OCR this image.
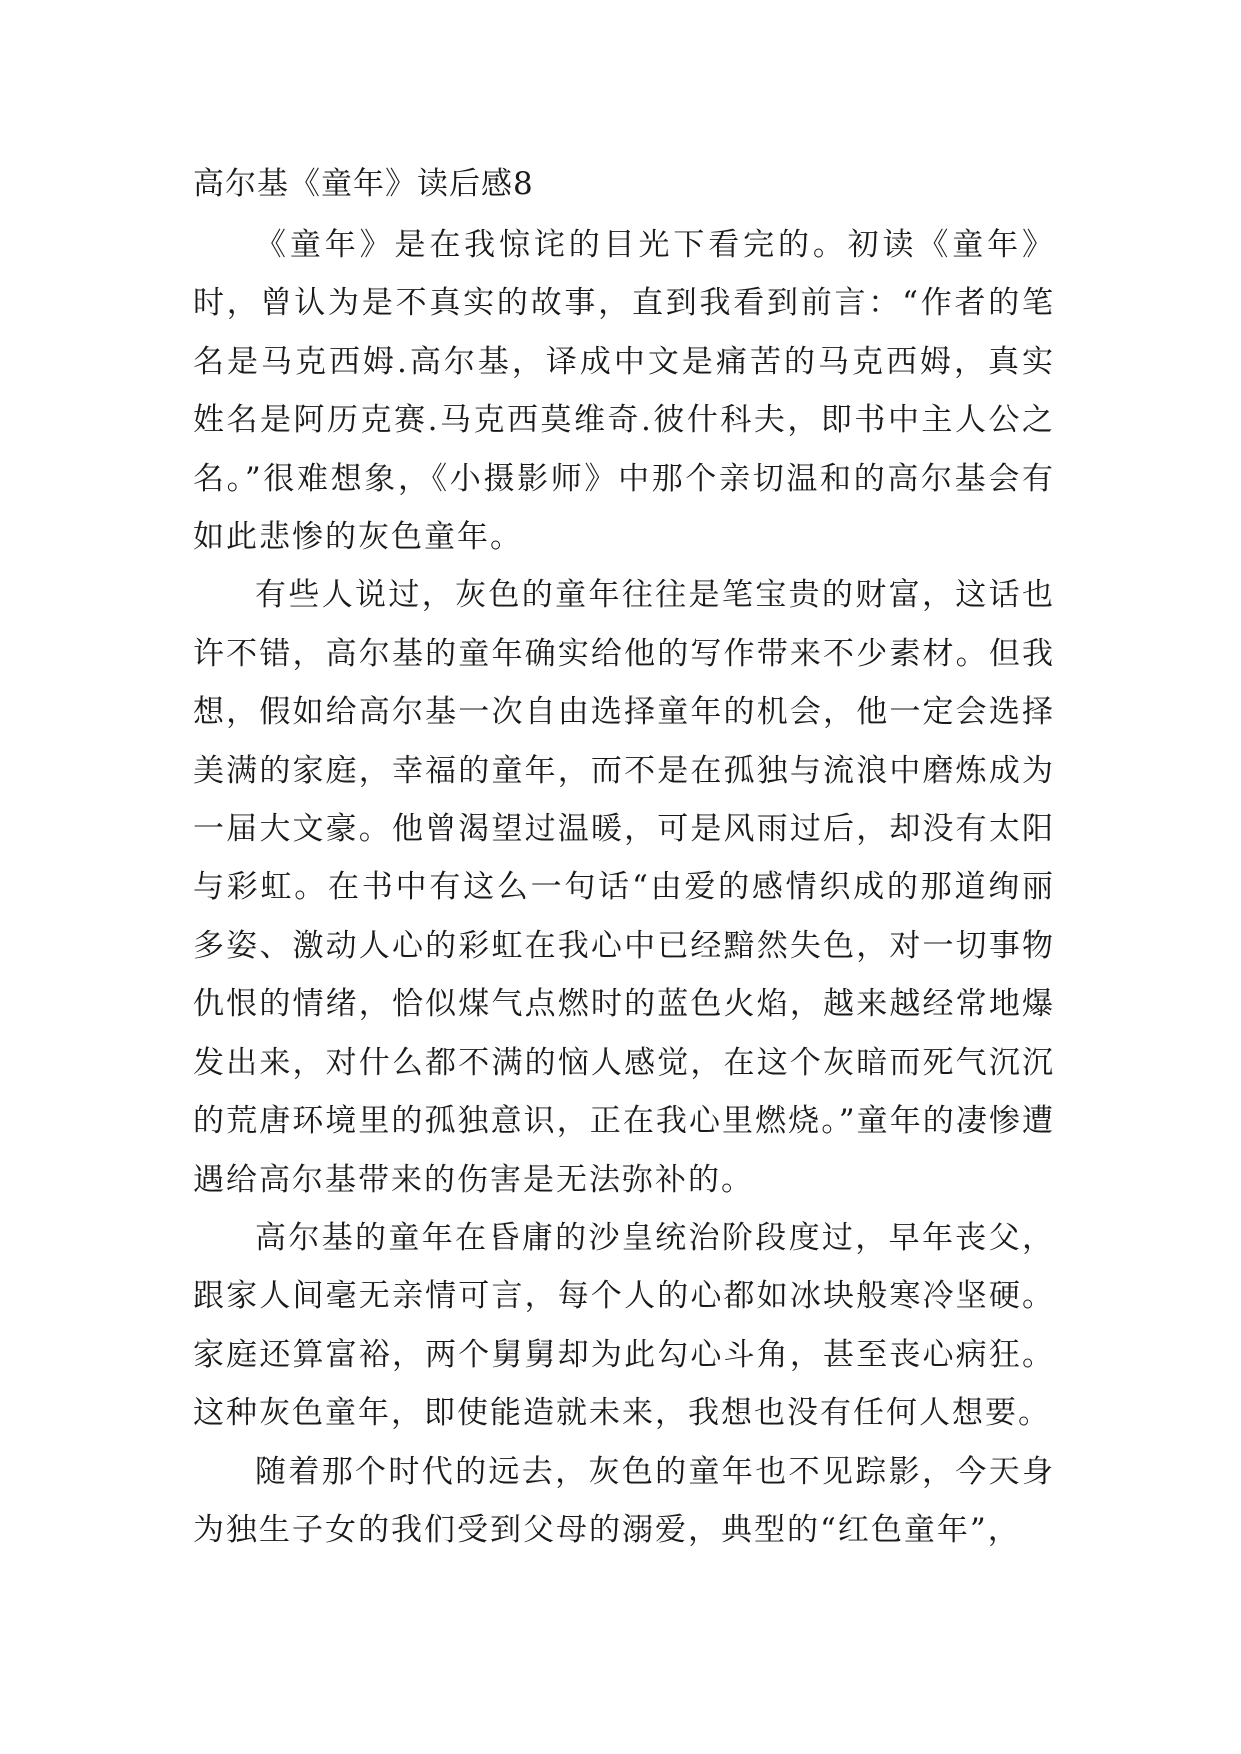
高尔基《童年》读后感8

《童年》是在我惊诧的目光下看完的。初读《童年》时，曾认为是不真实的故事，直到我看到前言：“作者的笔名是马克西姆.高尔基，译成中文是痛苦的马克西姆，真实姓名是阿历克赛.马克西莫维奇.彼什科夫，即书中主人公之名。”很难想象，《小摄影师》中那个亲切温和的高尔基会有如此悲惨的灰色童年。

有些人说过，灰色的童年往往是笔宝贵的财富，这话也许不错，高尔基的童年确实给他的写作带来不少素材。但我想，假如给高尔基一次自由选择童年的机会，他一定会选择美满的家庭，幸福的童年，而不是在孤独与流浪中磨炼成为一届大文豪。他曾渴望过温暖，可是风雨过后，却没有太阳与彩虹。在书中有这么一句话“由爱的感情织成的那道绚丽多姿、激动人心的彩虹在我心中已经黯然失色，对一切事物仇恨的情绪，恰似煤气点燃时的蓝色火焰，越来越经常地爆发出来，对什么都不满的恼人感觉，在这个灰暗而死气沉沉的荒唐环境里的孤独意识，正在我心里燃烧。”童年的凄惨遭遇给高尔基带来的伤害是无法弥补的。

高尔基的童年在昏庸的沙皇统治阶段度过，早年丧父，跟家人间毫无亲情可言，每个人的心都如冰块般寒冷坚硬。家庭还算富裕，两个舅舅却为此勾心斗角，甚至丧心病狂。这种灰色童年，即使能造就未来，我想也没有任何人想要。

随着那个时代的远去，灰色的童年也不见踪影，今天身为独生子女的我们受到父母的溺爱，典型的“红色童年”，
